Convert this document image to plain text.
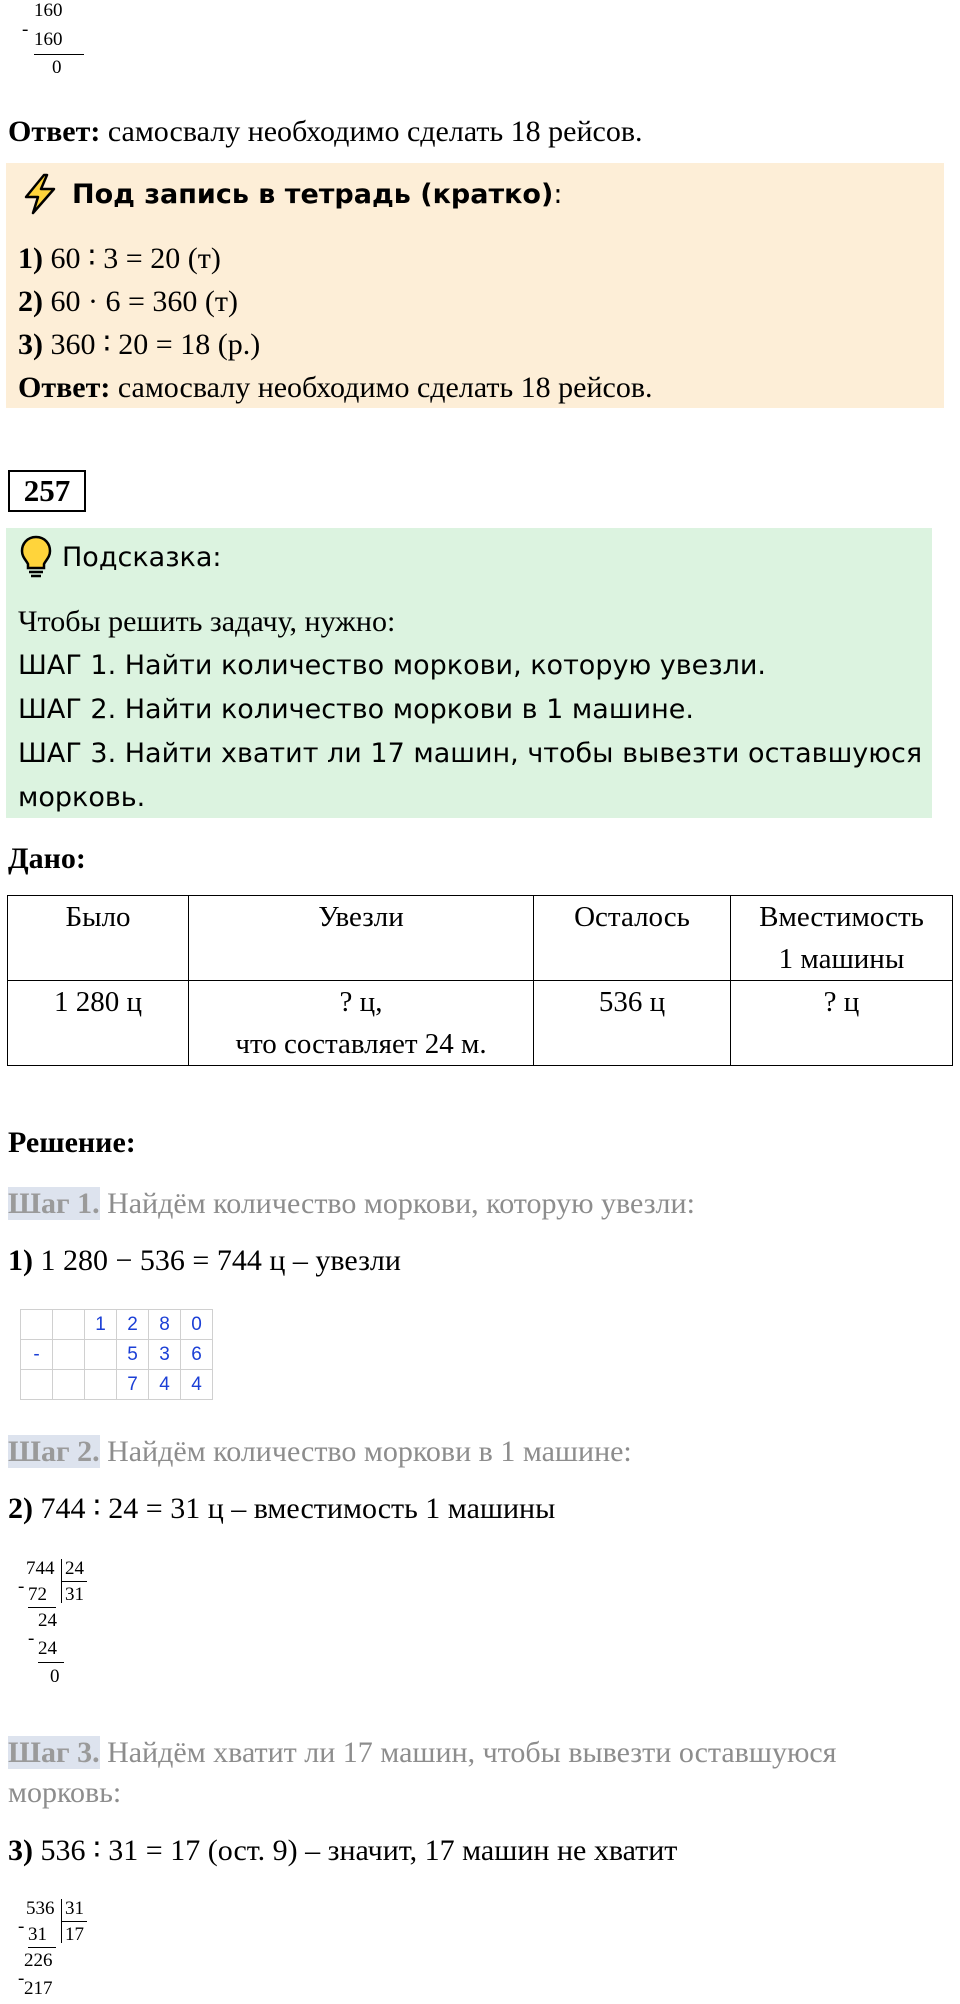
160
- 160
0
Ответ: самосвалу необходимо сделать 18 рейсов.
Под запись в тетрадь (кратко):
1) 60 ∶ 3 = 20 (т)
2) 60 · 6 = 360 (т)
3) 360 ∶ 20 = 18 (р.)
Ответ: самосвалу необходимо сделать 18 рейсов.
257
Подсказка:
Чтобы решить задачу, нужно:
ШАГ 1. Найти количество моркови, которую увезли.
ШАГ 2. Найти количество моркови в 1 машине.
ШАГ 3. Найти хватит ли 17 машин, чтобы вывезти оставшуюся
морковь.
Дано:
Было	Увезли	Осталось	Вместимость
1 машины

1 280 ц	? ц,
что составляет 24 м.	536 ц	? ц
Решение:
Шаг 1. Найдём количество моркови, которую увезли:
1) 1 280 − 536 = 744 ц – увезли
		1	2	8	0
-			5	3	6
			7	4	4
Шаг 2. Найдём количество моркови в 1 машине:
2) 744 ∶ 24 = 31 ц – вместимость 1 машины
744 24
- 72 31
24
- 24
0
Шаг 3. Найдём хватит ли 17 машин, чтобы вывезти оставшуюся
морковь:
3) 536 ∶ 31 = 17 (ост. 9) – значит, 17 машин не хватит
536 31
- 31 17
226
- 217
